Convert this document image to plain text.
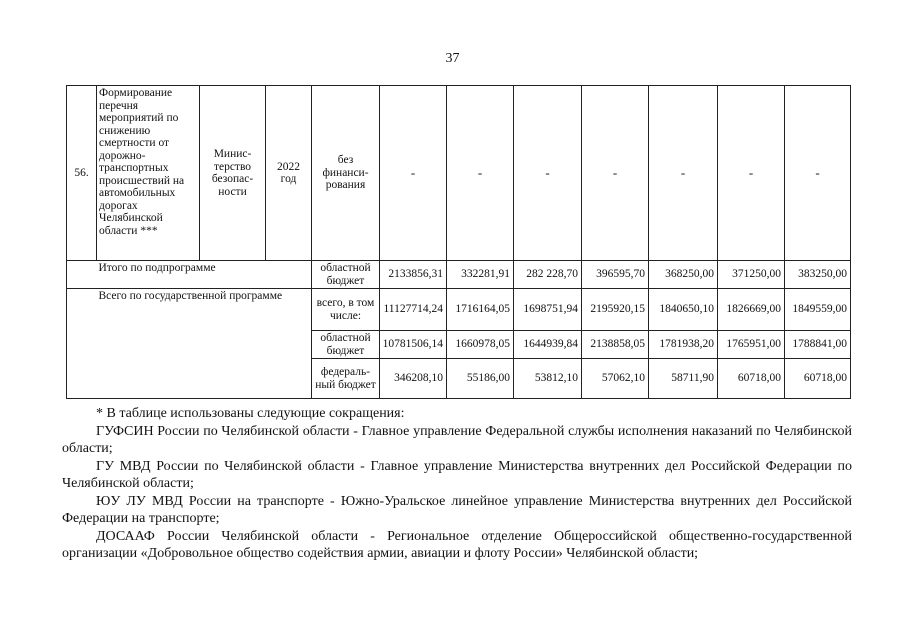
37
56.	Формирование перечня мероприятий по снижению смертности от дорожно-транспортных происшествий на автомобильных дорогах Челябинской области ***	Минис-терство безопас-ности	2022 год	без финанси-рования	-	-	-	-	-	-	-
	Итого по подпрограмме			областной бюджет	2133856,31	332281,91	282 228,70	396595,70	368250,00	371250,00	383250,00
	Всего по государственной программе			всего, в том числе:	11127714,24	1716164,05	1698751,94	2195920,15	1840650,10	1826669,00	1849559,00
				областной бюджет	10781506,14	1660978,05	1644939,84	2138858,05	1781938,20	1765951,00	1788841,00
				федераль-ный бюджет	346208,10	55186,00	53812,10	57062,10	58711,90	60718,00	60718,00

* В таблице использованы следующие сокращения:

ГУФСИН России по Челябинской области - Главное управление Федеральной службы исполнения наказаний по Челябинской области;

ГУ МВД России по Челябинской области - Главное управление Министерства внутренних дел Российской Федерации по Челябинской области;

ЮУ ЛУ МВД России на транспорте - Южно-Уральское линейное управление Министерства внутренних дел Российской Федерации на транспорте;

ДОСААФ России Челябинской области - Региональное отделение Общероссийской общественно-государственной организации «Добровольное общество содействия армии, авиации и флоту России» Челябинской области;
